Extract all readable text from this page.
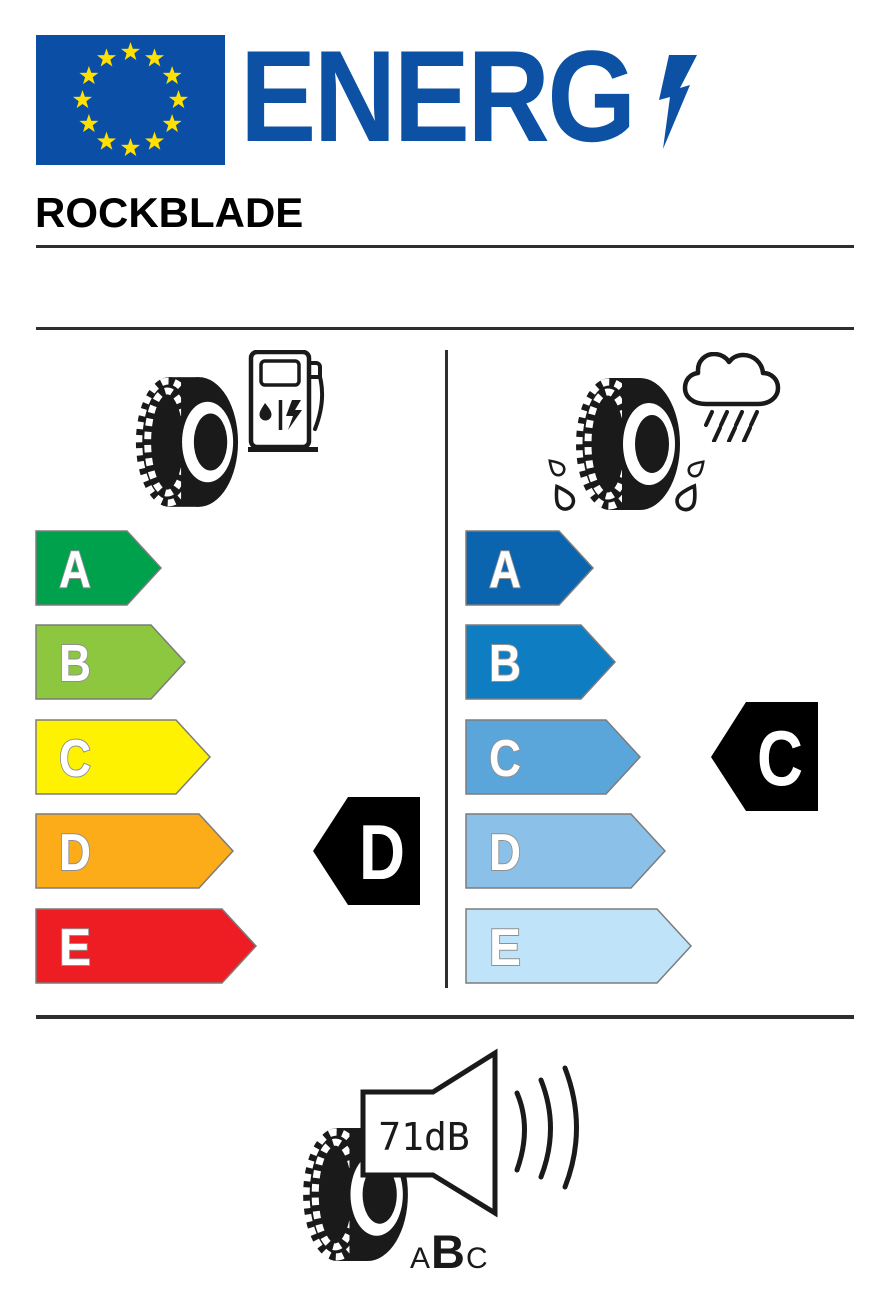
ENERG
ROCKBLADE
A
B
C
D
E
A
B
C
D
E
D
C
71dB
A B C
